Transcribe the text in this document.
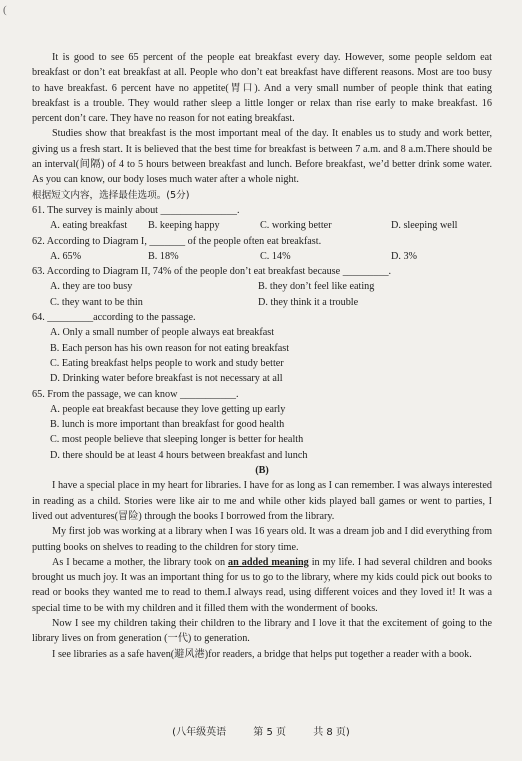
(

It is good to see 65 percent of the people eat breakfast every day. However, some people seldom eat breakfast or don’t eat breakfast at all. People who don’t eat breakfast have different reasons. Most are too busy to have breakfast. 6 percent have no appetite(胃口). And a very small number of people think that eating breakfast is a trouble. They would rather sleep a little longer or relax than rise early to make breakfast. 16 percent don’t care. They have no reason for not eating breakfast.

Studies show that breakfast is the most important meal of the day. It enables us to study and work better, giving us a fresh start. It is believed that the best time for breakfast is between 7 a.m. and 8 a.m.There should be an interval(间隔) of 4 to 5 hours between breakfast and lunch. Before breakfast, we’d better drink some water. As you can know, our body loses much water after a whole night.

根据短文内容，选择最佳选项。(5分)

61. The survey is mainly about _______________.

A. eating breakfast	B. keeping happy	C. working better	D. sleeping well

62. According to Diagram I, _______ of the people often eat breakfast.

A. 65%	B. 18%	C. 14%	D. 3%

63. According to Diagram II, 74% of the people don’t eat breakfast because _________.

A. they are too busy	B. they don’t feel like eating
C. they want to be thin	D. they think it a trouble

64. _________according to the passage.

A. Only a small number of people always eat breakfast

B. Each person has his own reason for not eating breakfast

C. Eating breakfast helps people to work and study better

D. Drinking water before breakfast is not necessary at all

65. From the passage, we can know ___________.

A. people eat breakfast because they love getting up early

B. lunch is more important than breakfast for good health

C. most people believe that sleeping longer is better for health

D. there should be at least 4 hours between breakfast and lunch

(B)

I have a special place in my heart for libraries. I have for as long as I can remember. I was always interested in reading as a child. Stories were like air to me and while other kids played ball games or went to parties, I lived out adventures(冒险) through the books I borrowed from the library.

My first job was working at a library when I was 16 years old. It was a dream job and I did everything from putting books on shelves to reading to the children for story time.

As I became a mother, the library took on an added meaning in my life. I had several children and books brought us much joy. It was an important thing for us to go to the library, where my kids could pick out books to read or books they wanted me to read to them.I always read, using different voices and they loved it! It was a special time to be with my children and it filled them with the wonderment of books.

Now I see my children taking their children to the library and I love it that the excitement of going to the library lives on from generation (一代) to generation.

I see libraries as a safe haven(避风港)for readers, a bridge that helps put together a reader with a book.

(八年级英语	第 5 页	共 8 页)
